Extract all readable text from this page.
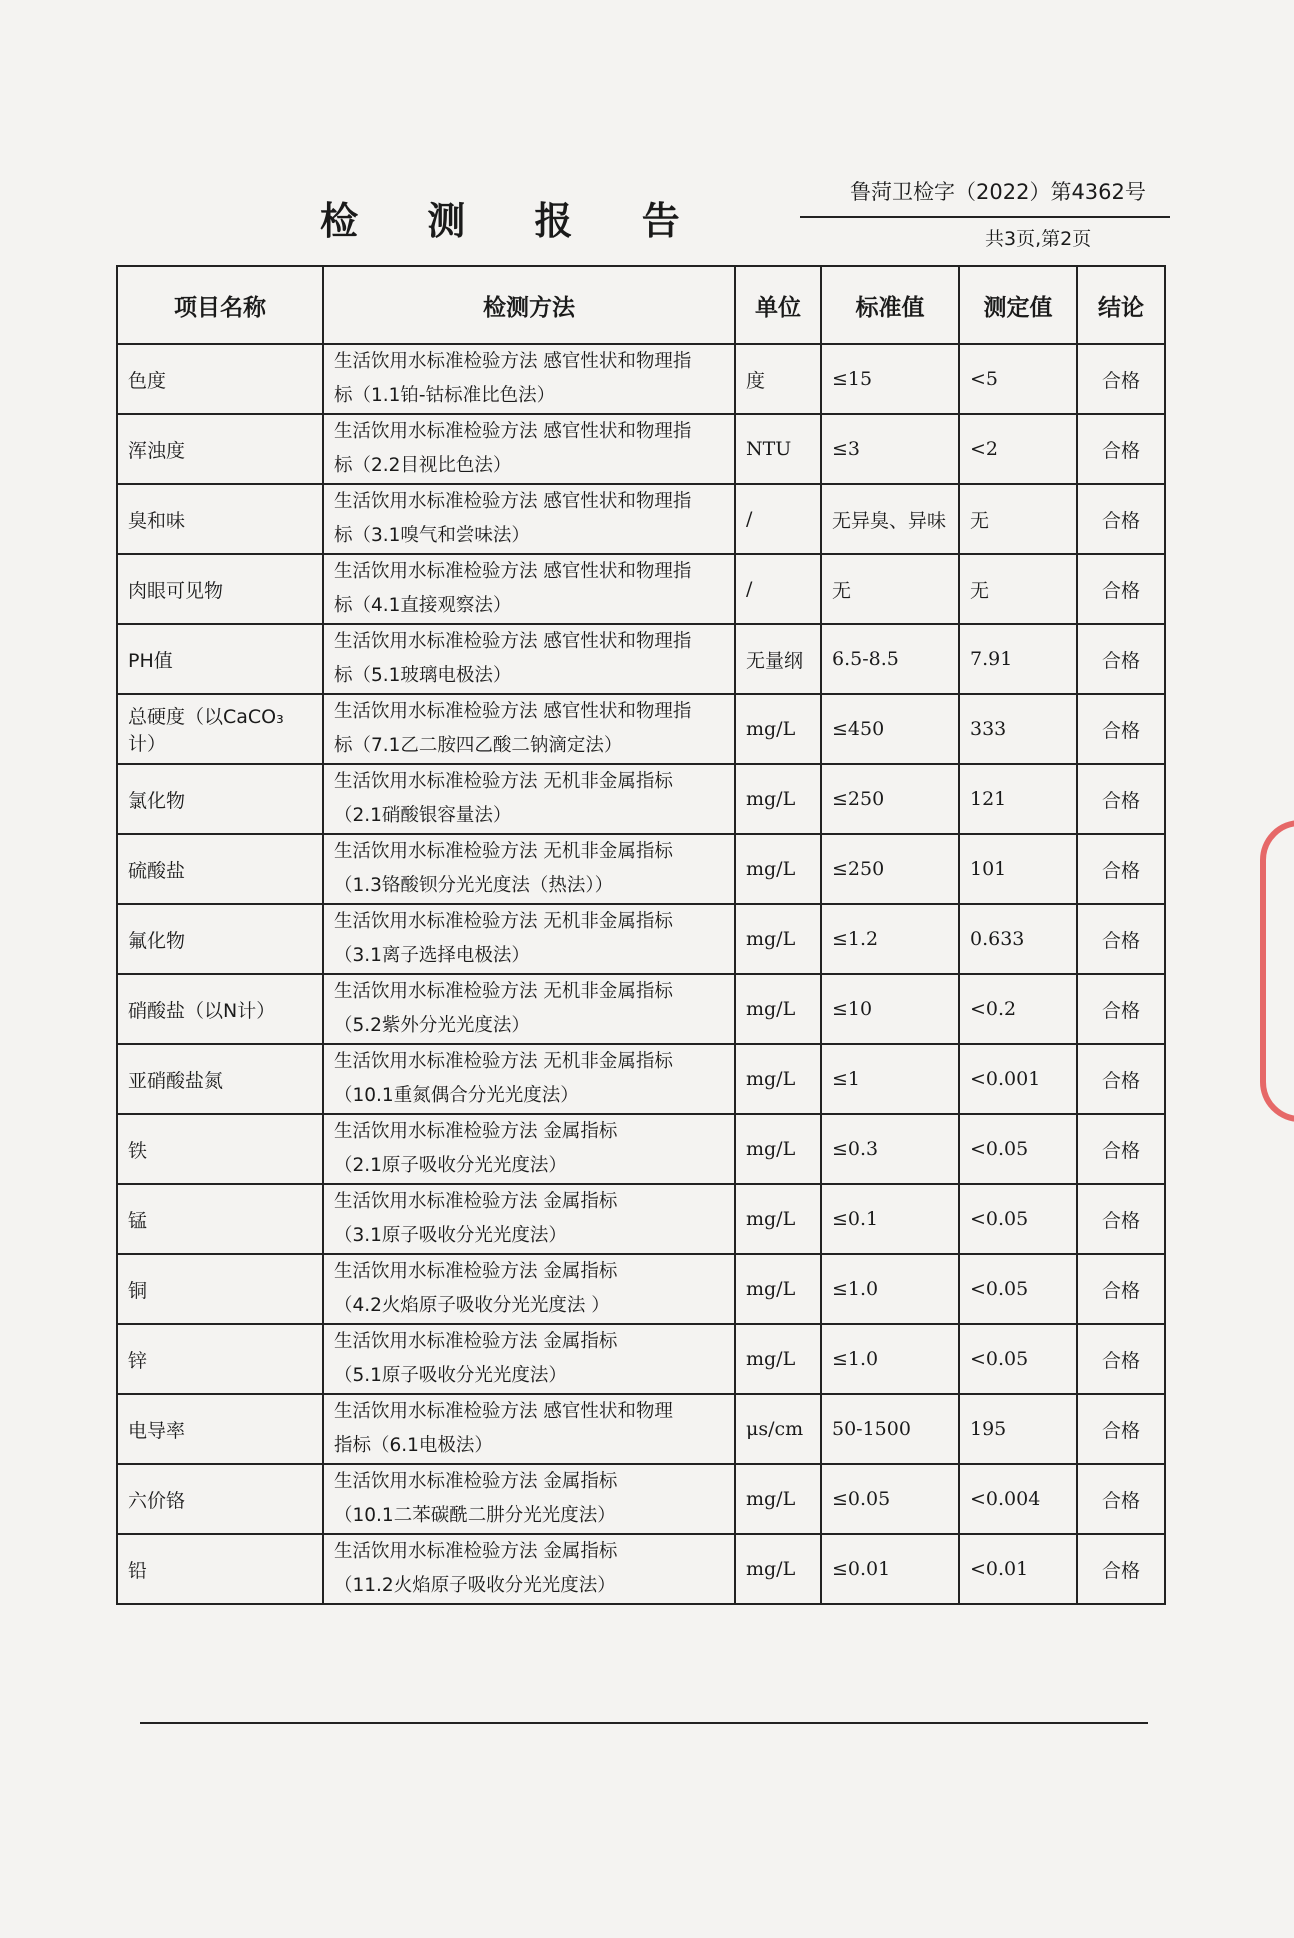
检 测 报 告
鲁菏卫检字（2022）第4362号
共3页,第2页
项目名称	检测方法	单位	标准值	测定值	结论
色度	生活饮用水标准检验方法 感官性状和物理指
标（1.1铂-钴标准比色法）	度	≤15	<5	合格
浑浊度	生活饮用水标准检验方法 感官性状和物理指
标（2.2目视比色法）	NTU	≤3	<2	合格
臭和味	生活饮用水标准检验方法 感官性状和物理指
标（3.1嗅气和尝味法）	/	无异臭、异味	无	合格
肉眼可见物	生活饮用水标准检验方法 感官性状和物理指
标（4.1直接观察法）	/	无	无	合格
PH值	生活饮用水标准检验方法 感官性状和物理指
标（5.1玻璃电极法）	无量纲	6.5-8.5	7.91	合格
总硬度（以CaCO₃计）	生活饮用水标准检验方法 感官性状和物理指
标（7.1乙二胺四乙酸二钠滴定法）	mg/L	≤450	333	合格
氯化物	生活饮用水标准检验方法 无机非金属指标
（2.1硝酸银容量法）	mg/L	≤250	121	合格
硫酸盐	生活饮用水标准检验方法 无机非金属指标
（1.3铬酸钡分光光度法（热法））	mg/L	≤250	101	合格
氟化物	生活饮用水标准检验方法 无机非金属指标
（3.1离子选择电极法）	mg/L	≤1.2	0.633	合格
硝酸盐（以N计）	生活饮用水标准检验方法 无机非金属指标
（5.2紫外分光光度法）	mg/L	≤10	<0.2	合格
亚硝酸盐氮	生活饮用水标准检验方法 无机非金属指标
（10.1重氮偶合分光光度法）	mg/L	≤1	<0.001	合格
铁	生活饮用水标准检验方法 金属指标
（2.1原子吸收分光光度法）	mg/L	≤0.3	<0.05	合格
锰	生活饮用水标准检验方法 金属指标
（3.1原子吸收分光光度法）	mg/L	≤0.1	<0.05	合格
铜	生活饮用水标准检验方法 金属指标
（4.2火焰原子吸收分光光度法 ）	mg/L	≤1.0	<0.05	合格
锌	生活饮用水标准检验方法 金属指标
（5.1原子吸收分光光度法）	mg/L	≤1.0	<0.05	合格
电导率	生活饮用水标准检验方法 感官性状和物理
指标（6.1电极法）	μs/cm	50-1500	195	合格
六价铬	生活饮用水标准检验方法 金属指标
（10.1二苯碳酰二肼分光光度法）	mg/L	≤0.05	<0.004	合格
铅	生活饮用水标准检验方法 金属指标
（11.2火焰原子吸收分光光度法）	mg/L	≤0.01	<0.01	合格
